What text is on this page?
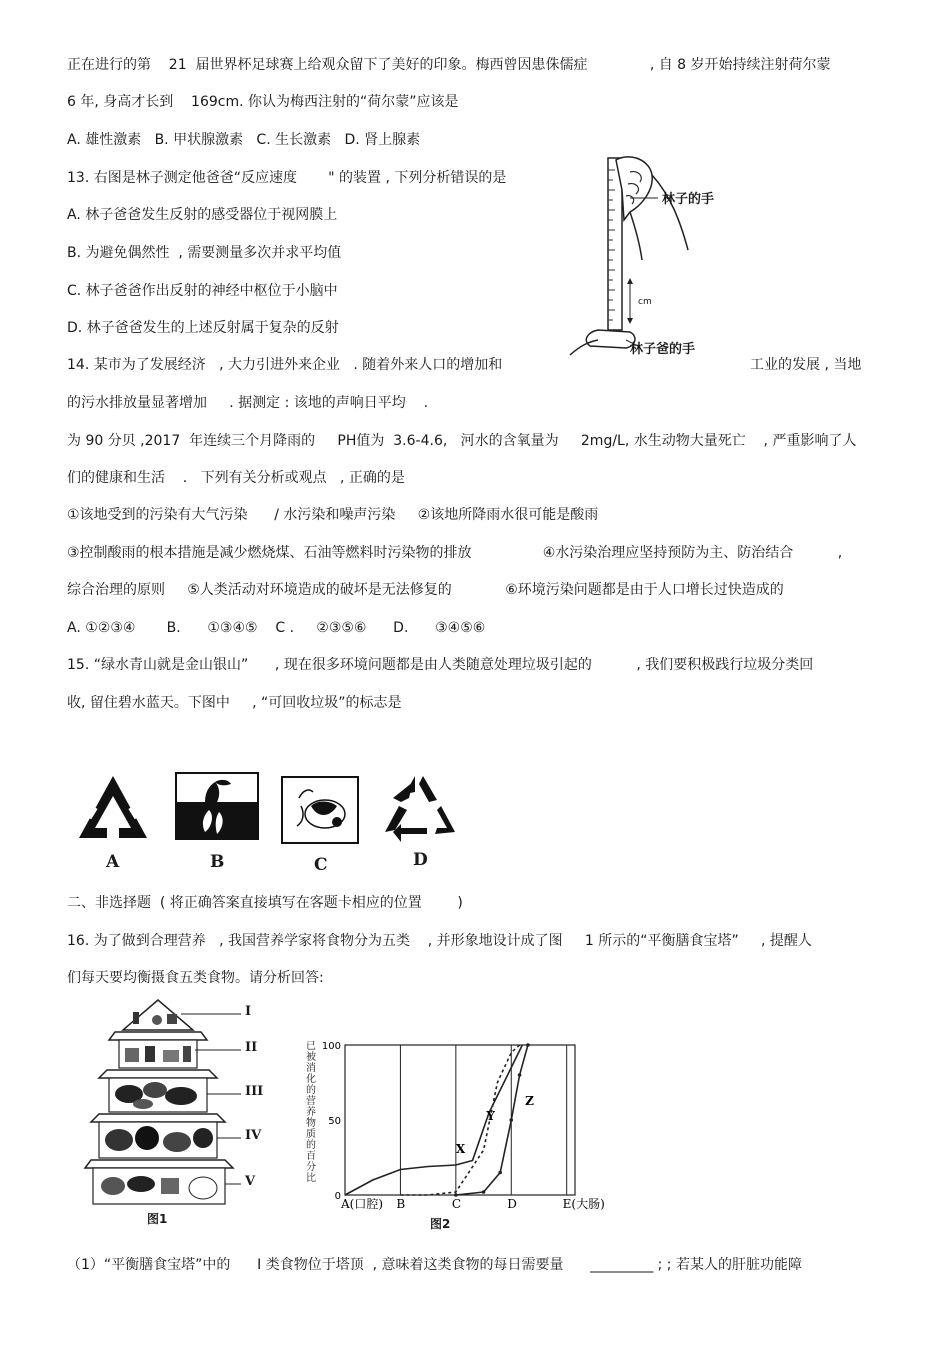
正在进行的第    21  届世界杯足球赛上给观众留下了美好的印象。梅西曾因患侏儒症              , 自 8 岁开始持续注射荷尔蒙
6 年, 身高才长到    169cm. 你认为梅西注射的“荷尔蒙”应该是
A. 雄性激素   B. 甲状腺激素   C. 生长激素   D. 肾上腺素
13. 右图是林子测定他爸爸“反应速度       " 的装置 , 下列分析错误的是
A. 林子爸爸发生反射的感受器位于视网膜上
B. 为避免偶然性  , 需要测量多次并求平均值
C. 林子爸爸作出反射的神经中枢位于小脑中
D. 林子爸爸发生的上述反射属于复杂的反射
14. 某市为了发展经济   , 大力引进外来企业   . 随着外来人口的增加和	工业的发展 , 当地
的污水排放量显著增加     . 据测定 : 该地的声响日平均    .
为 90 分贝 ,2017  年连续三个月降雨的     PH值为  3.6-4.6,   河水的含氧量为     2mg/L, 水生动物大量死亡    , 严重影响了人
们的健康和生活    .   下列有关分析或观点   , 正确的是
①该地受到的污染有大气污染      / 水污染和噪声污染     ②该地所降雨水很可能是酸雨
③控制酸雨的根本措施是减少燃烧煤、石油等燃料时污染物的排放                ④水污染治理应坚持预防为主、防治结合          ,
综合治理的原则     ⑤人类活动对环境造成的破坏是无法修复的            ⑥环境污染问题都是由于人口增长过快造成的
A. ①②③④       B.      ①③④⑤    C .     ②③⑤⑥      D.      ③④⑤⑥
15. “绿水青山就是金山银山”      , 现在很多环境问题都是由人类随意处理垃圾引起的          , 我们要积极践行垃圾分类回
收, 留住碧水蓝天。下图中     , “可回收垃圾”的标志是
二、非选择题  ( 将正确答案直接填写在客题卡相应的位置        )
16. 为了做到合理营养   , 我国营养学家将食物分为五类    , 并形象地设计成了图     1 所示的“平衡膳食宝塔”     , 提醒人
们每天要均衡摄食五类食物。请分析回答:
（1）“平衡膳食宝塔”中的      Ⅰ 类食物位于塔顶  , 意味着这类食物的每日需要量      _________ ; ; 若某人的肝脏功能障
林子的手
林子爸的手
cm
A	B	C	D
I
II
III
IV
V
图1
已被消化的营养物质的百分比
0
50
100
A(口腔) B	C	D	E(大肠)
X
Y
Z
图2
